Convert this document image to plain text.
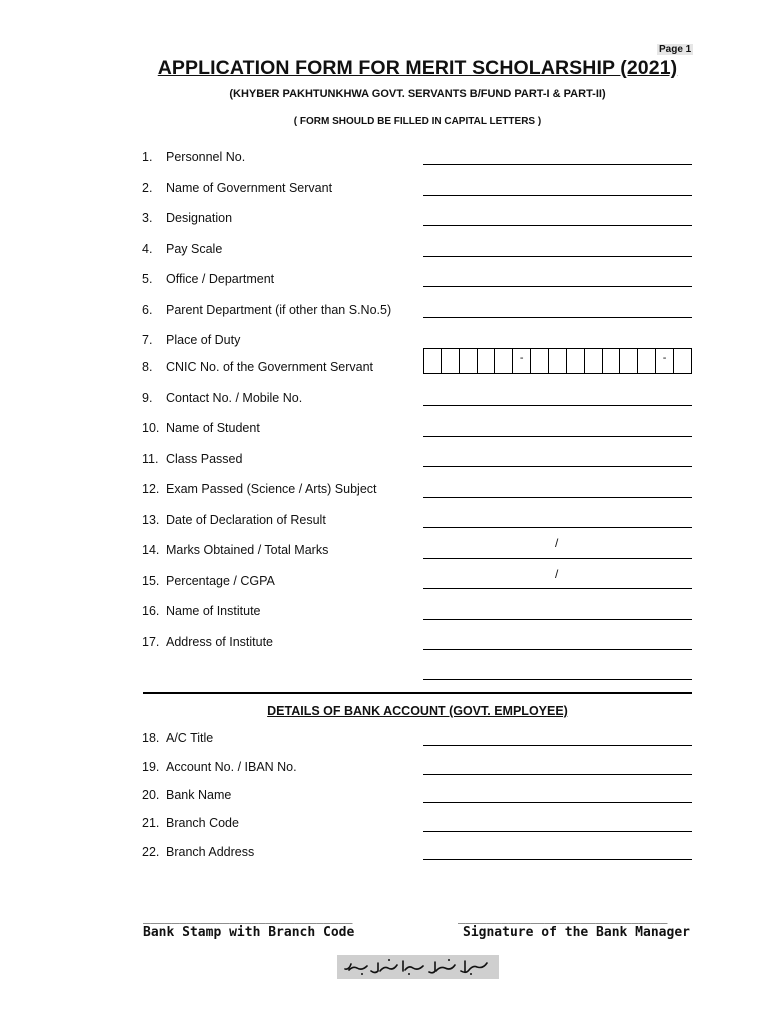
Page 1
APPLICATION FORM FOR MERIT SCHOLARSHIP (2021)
(KHYBER PAKHTUNKHWA GOVT. SERVANTS B/FUND PART-I & PART-II)
( FORM SHOULD BE FILLED IN CAPITAL LETTERS )
1.	Personnel No.
2.	Name of Government Servant
3.	Designation
4.	Pay Scale
5.	Office / Department
6.	Parent Department (if other than S.No.5)
7.	Place of Duty
8.	CNIC No. of the Government Servant
-	-
9.	Contact No. / Mobile No.
10. Name of Student
11. Class Passed
12. Exam Passed (Science / Arts) Subject
13. Date of Declaration of Result
14. Marks Obtained / Total Marks	/
15. Percentage / CGPA	/
16. Name of Institute
17. Address of Institute
DETAILS OF BANK ACCOUNT (GOVT. EMPLOYEE)
18. A/C Title
19. Account No. / IBAN No.
20. Bank Name
21. Branch Code
22. Branch Address
_____________________________	_____________________________
Bank Stamp with Branch Code	Signature of the Bank Manager
